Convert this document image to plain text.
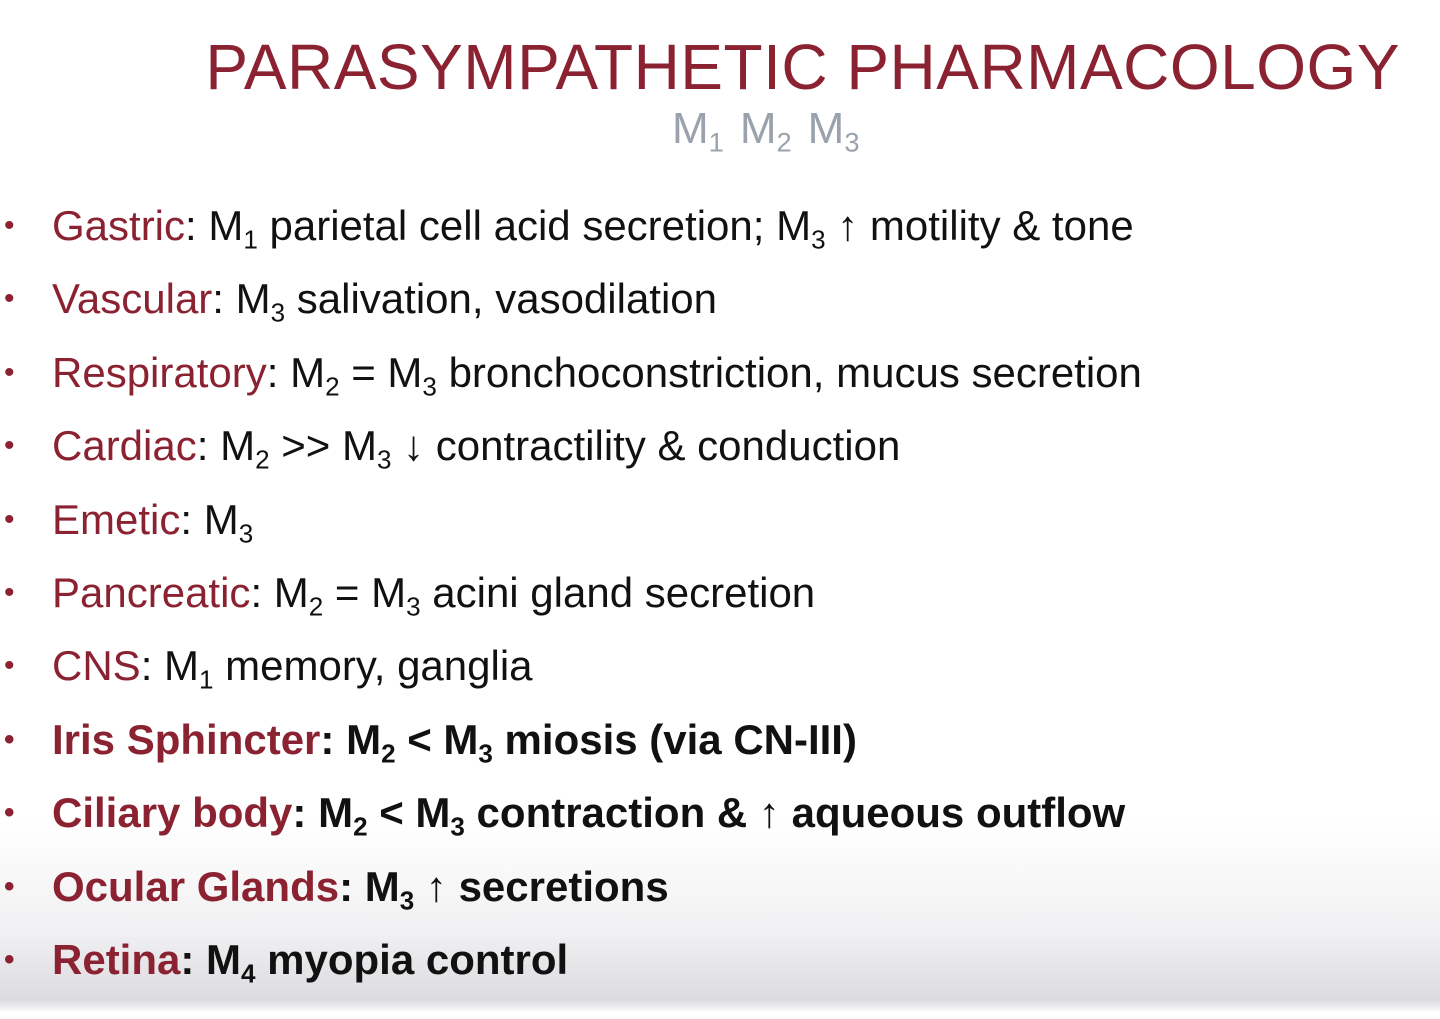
PARASYMPATHETIC PHARMACOLOGY
$M_1$ $M_2$ $M_3$
• Gastric: $M_1$ parietal cell acid secretion; $M_3$ ↑ motility & tone
• Vascular: $M_3$ salivation, vasodilation
• Respiratory: $M_2 = M_3$ bronchoconstriction, mucus secretion
• Cardiac: $M_2 >> M_3$ ↓ contractility & conduction
• Emetic: $M_3$
• Pancreatic: $M_2 = M_3$ acini gland secretion
• CNS: $M_1$ memory, ganglia
• Iris Sphincter: $M_2 < M_3$ miosis (via CN-III)
• Ciliary body: $M_2 < M_3$ contraction & ↑ aqueous outflow
• Ocular Glands: $M_3$ ↑ secretions
• Retina: $M_4$ myopia control
